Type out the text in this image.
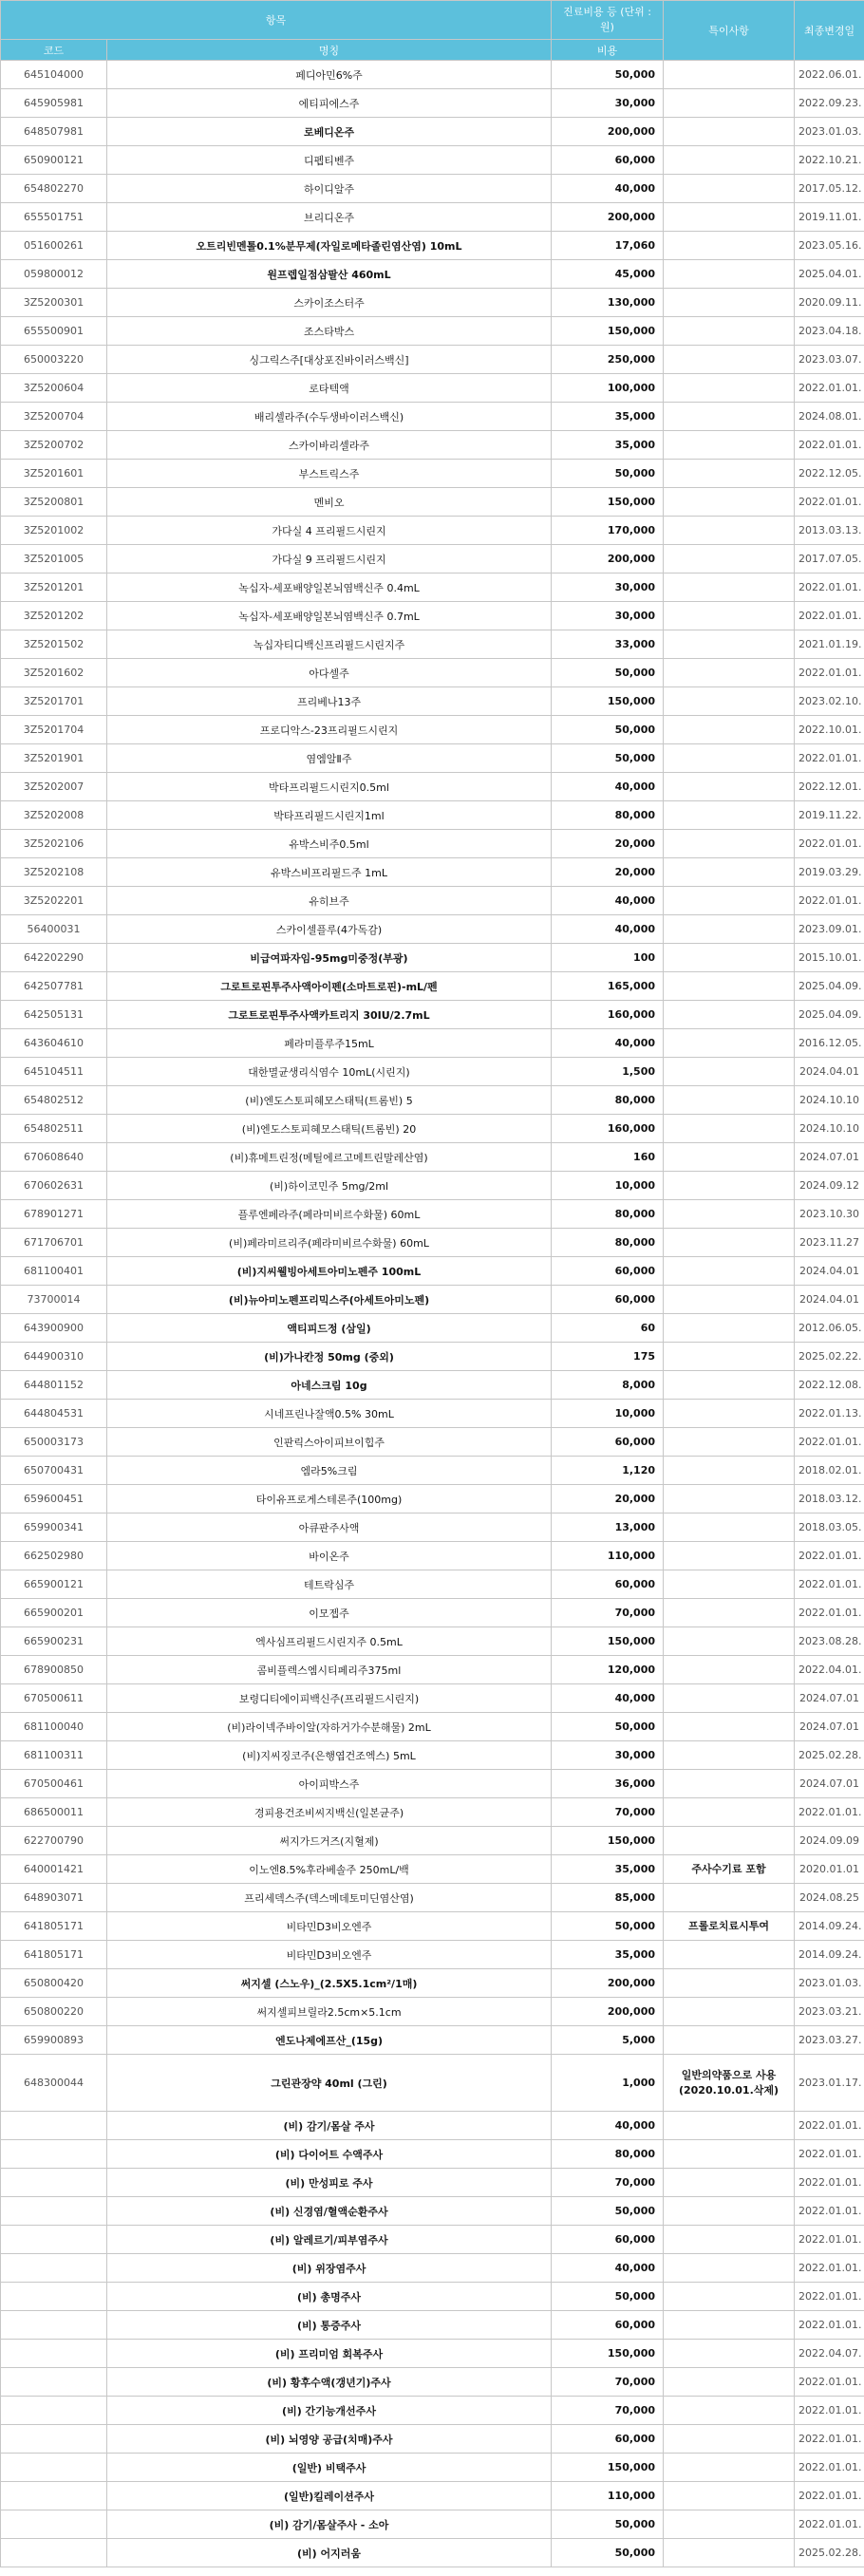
항목		진료비용 등 (단위 : 원)	특이사항	최종변경일
코드	명칭	비용		
645104000	페디아민6%주	50,000		2022.06.01.
645905981	에티피에스주	30,000		2022.09.23.
648507981	로베디온주	200,000		2023.01.03.
650900121	디펩티벤주	60,000		2022.10.21.
654802270	하이디알주	40,000		2017.05.12.
655501751	브리디온주	200,000		2019.11.01.
051600261	오트리빈멘톨0.1%분무제(자일로메타졸린염산염) 10mL	17,060		2023.05.16.
059800012	원프렙일점삼팔산 460mL	45,000		2025.04.01.
3Z5200301	스카이조스터주	130,000		2020.09.11.
655500901	조스타박스	150,000		2023.04.18.
650003220	싱그릭스주[대상포진바이러스백신]	250,000		2023.03.07.
3Z5200604	로타텍액	100,000		2022.01.01.
3Z5200704	배리셀라주(수두생바이러스백신)	35,000		2024.08.01.
3Z5200702	스카이바리셀라주	35,000		2022.01.01.
3Z5201601	부스트릭스주	50,000		2022.12.05.
3Z5200801	멘비오	150,000		2022.01.01.
3Z5201002	가다실 4 프리필드시린지	170,000		2013.03.13.
3Z5201005	가다실 9 프리필드시린지	200,000		2017.07.05.
3Z5201201	녹십자-세포배양일본뇌염백신주 0.4mL	30,000		2022.01.01.
3Z5201202	녹십자-세포배양일본뇌염백신주 0.7mL	30,000		2022.01.01.
3Z5201502	녹십자티디백신프리필드시린지주	33,000		2021.01.19.
3Z5201602	아다셀주	50,000		2022.01.01.
3Z5201701	프리베나13주	150,000		2023.02.10.
3Z5201704	프로디악스-23프리필드시린지	50,000		2022.10.01.
3Z5201901	염엠알Ⅱ주	50,000		2022.01.01.
3Z5202007	박타프리필드시린지0.5ml	40,000		2022.12.01.
3Z5202008	박타프리필드시린지1ml	80,000		2019.11.22.
3Z5202106	유박스비주0.5ml	20,000		2022.01.01.
3Z5202108	유박스비프리필드주 1mL	20,000		2019.03.29.
3Z5202201	유히브주	40,000		2022.01.01.
56400031	스카이셀플루(4가독감)	40,000		2023.09.01.
642202290	비급여파자임-95mg미중정(부광)	100		2015.10.01.
642507781	그로트로핀투주사액아이펜(소마트로핀)-mL/펜	165,000		2025.04.09.
642505131	그로트로핀투주사액카트리지 30IU/2.7mL	160,000		2025.04.09.
643604610	페라미플루주15mL	40,000		2016.12.05.
645104511	대한멸균생리식염수 10mL(시린지)	1,500		2024.04.01
654802512	(비)엔도스토피혜모스태틱(트롬빈) 5	80,000		2024.10.10
654802511	(비)엔도스토피혜모스태틱(트롬빈) 20	160,000		2024.10.10
670608640	(비)휴메트린정(메틸에르고메트린말레산염)	160		2024.07.01
670602631	(비)하이코민주 5mg/2ml	10,000		2024.09.12
678901271	플루엔페라주(페라미비르수화물) 60mL	80,000		2023.10.30
671706701	(비)페라미르리주(페라미비르수화물) 60mL	80,000		2023.11.27
681100401	(비)지씨웰빙아세트아미노펜주 100mL	60,000		2024.04.01
73700014	(비)뉴아미노펜프리믹스주(아세트아미노펜)	60,000		2024.04.01
643900900	액티피드정 (삼일)	60		2012.06.05.
644900310	(비)가나칸정 50mg (중외)	175		2025.02.22.
644801152	아네스크림 10g	8,000		2022.12.08.
644804531	시네프린나잘액0.5% 30mL	10,000		2022.01.13.
650003173	인판릭스아이피브이힙주	60,000		2022.01.01.
650700431	엠라5%크림	1,120		2018.02.01.
659600451	타이유프로게스테론주(100mg)	20,000		2018.03.12.
659900341	아큐판주사액	13,000		2018.03.05.
662502980	바이온주	110,000		2022.01.01.
665900121	테트락심주	60,000		2022.01.01.
665900201	이모젭주	70,000		2022.01.01.
665900231	엑사심프리필드시린지주 0.5mL	150,000		2023.08.28.
678900850	콤비플렉스엠시티페리주375ml	120,000		2022.04.01.
670500611	보령디티에이피백신주(프리필드시린지)	40,000		2024.07.01
681100040	(비)라이넥주바이알(자하거가수분해물) 2mL	50,000		2024.07.01
681100311	(비)지씨징코주(은행엽건조엑스) 5mL	30,000		2025.02.28.
670500461	아이피박스주	36,000		2024.07.01
686500011	경피용건조비씨지백신(일본균주)	70,000		2022.01.01.
622700790	써지가드거즈(지혈제)	150,000		2024.09.09
640001421	이노엔8.5%후라베솔주 250mL/백	35,000	주사수기료 포함	2020.01.01
648903071	프리세덱스주(덱스메데토미딘염산염)	85,000		2024.08.25
641805171	비타민D3비오엔주	50,000	프롤로치료시투여	2014.09.24.
641805171	비타민D3비오엔주	35,000		2014.09.24.
650800420	써지셀 (스노우)_(2.5X5.1cm²/1매)	200,000		2023.01.03.
650800220	써지셀피브릴라2.5cm×5.1cm	200,000		2023.03.21.
659900893	엔도나제에프산_(15g)	5,000		2023.03.27.
648300044	그린관장약 40ml (그린)	1,000	일반의약품으로 사용 (2020.10.01.삭제)	2023.01.17.
	(비) 감기/몸살 주사	40,000		2022.01.01.
	(비) 다이어트 수액주사	80,000		2022.01.01.
	(비) 만성피로 주사	70,000		2022.01.01.
	(비) 신경염/혈액순환주사	50,000		2022.01.01.
	(비) 알레르기/피부염주사	60,000		2022.01.01.
	(비) 위장염주사	40,000		2022.01.01.
	(비) 총명주사	50,000		2022.01.01.
	(비) 통증주사	60,000		2022.01.01.
	(비) 프리미엄 회복주사	150,000		2022.04.07.
	(비) 황후수액(갱년기)주사	70,000		2022.01.01.
	(비) 간기능개선주사	70,000		2022.01.01.
	(비) 뇌영양 공급(치매)주사	60,000		2022.01.01.
	(일반) 비택주사	150,000		2022.01.01.
	(일반)킬레이션주사	110,000		2022.01.01.
	(비) 감기/몸살주사 - 소아	50,000		2022.01.01.
	(비) 어지러움	50,000		2025.02.28.
